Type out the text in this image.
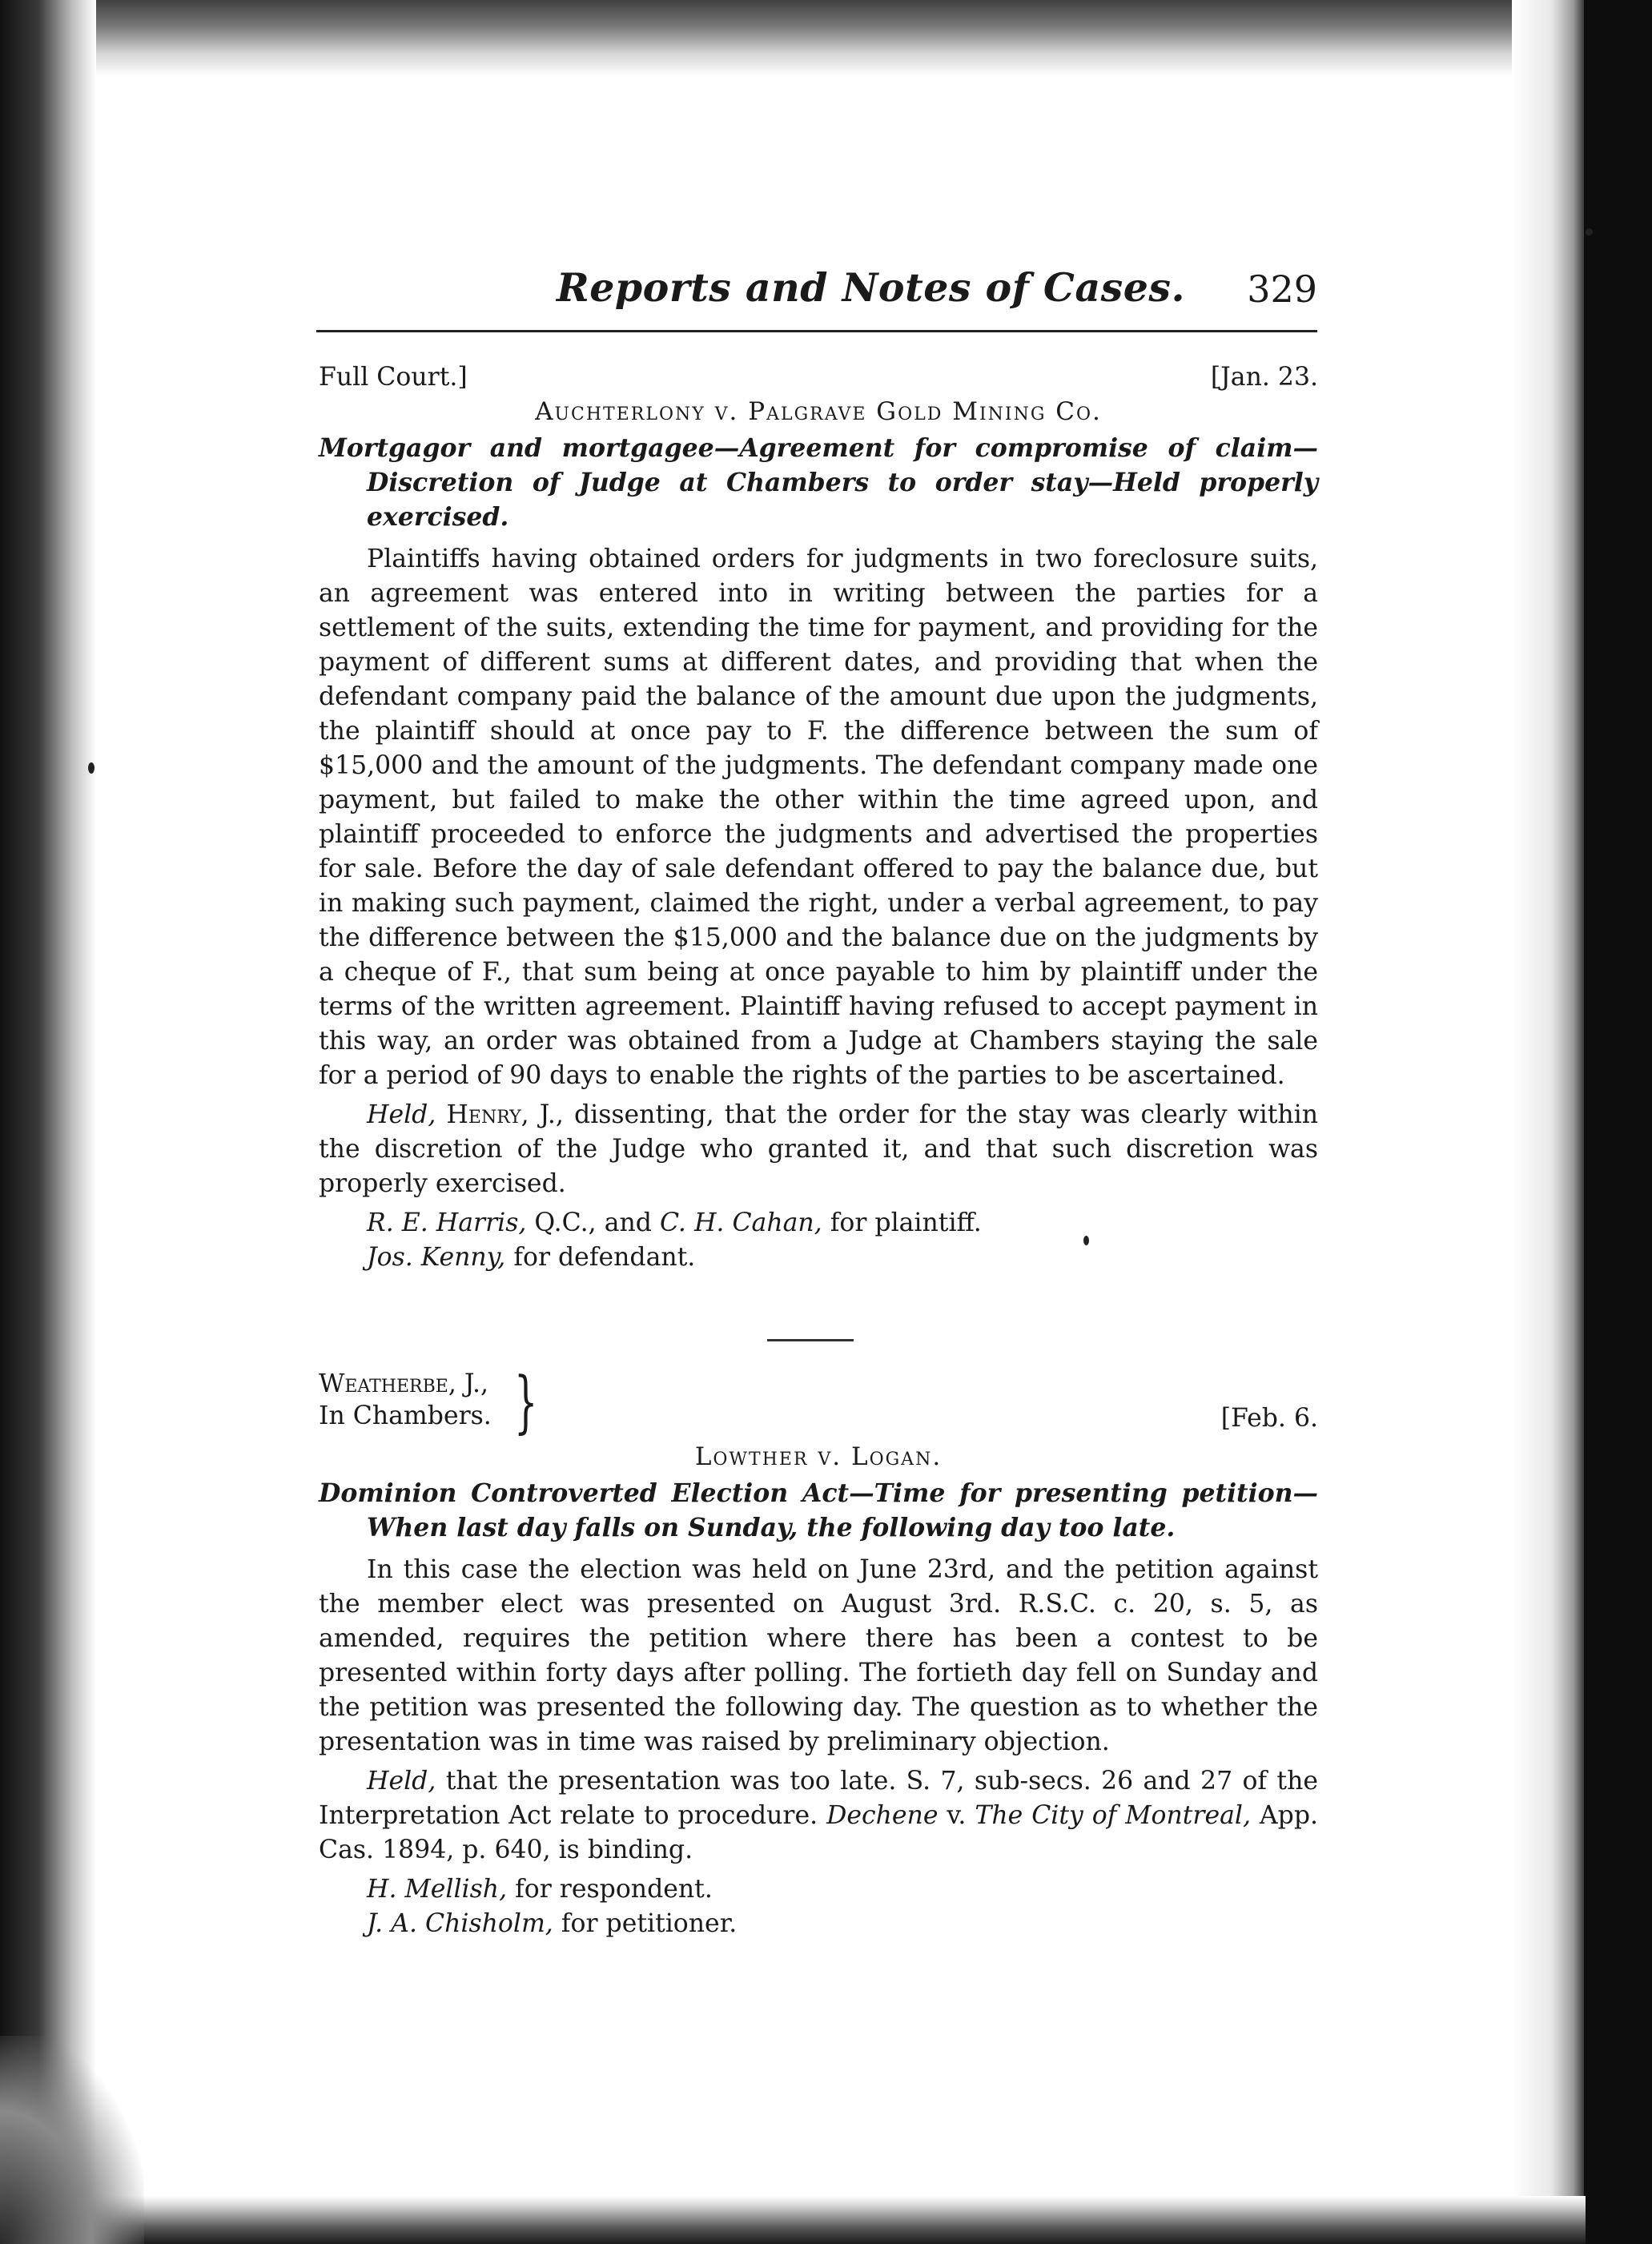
Reports and Notes of Cases. 329
Full Court.]	[Jan. 23.
Auchterlony v. Palgrave Gold Mining Co.

Mortgagor and mortgagee—Agreement for compromise of claim—Discretion of Judge at Chambers to order stay—Held properly exercised.

Plaintiffs having obtained orders for judgments in two foreclosure suits, an agreement was entered into in writing between the parties for a settlement of the suits, extending the time for payment, and providing for the payment of different sums at different dates, and providing that when the defendant company paid the balance of the amount due upon the judgments, the plaintiff should at once pay to F. the difference between the sum of $15,000 and the amount of the judgments. The defendant company made one payment, but failed to make the other within the time agreed upon, and plaintiff proceeded to enforce the judgments and advertised the properties for sale. Before the day of sale defendant offered to pay the balance due, but in making such payment, claimed the right, under a verbal agreement, to pay the difference between the $15,000 and the balance due on the judgments by a cheque of F., that sum being at once payable to him by plaintiff under the terms of the written agreement. Plaintiff having refused to accept payment in this way, an order was obtained from a Judge at Chambers staying the sale for a period of 90 days to enable the rights of the parties to be ascertained.

Held, Henry, J., dissenting, that the order for the stay was clearly within the discretion of the Judge who granted it, and that such discretion was properly exercised.

R. E. Harris, Q.C., and C. H. Cahan, for plaintiff.

Jos. Kenny, for defendant.

Weatherbe, J.,
In Chambers. }	[Feb. 6.
Lowther v. Logan.

Dominion Controverted Election Act—Time for presenting petition—When last day falls on Sunday, the following day too late.

In this case the election was held on June 23rd, and the petition against the member elect was presented on August 3rd. R.S.C. c. 20, s. 5, as amended, requires the petition where there has been a contest to be presented within forty days after polling. The fortieth day fell on Sunday and the petition was presented the following day. The question as to whether the presentation was in time was raised by preliminary objection.

Held, that the presentation was too late. S. 7, sub-secs. 26 and 27 of the Interpretation Act relate to procedure. Dechene v. The City of Montreal, App. Cas. 1894, p. 640, is binding.

H. Mellish, for respondent.

J. A. Chisholm, for petitioner.
